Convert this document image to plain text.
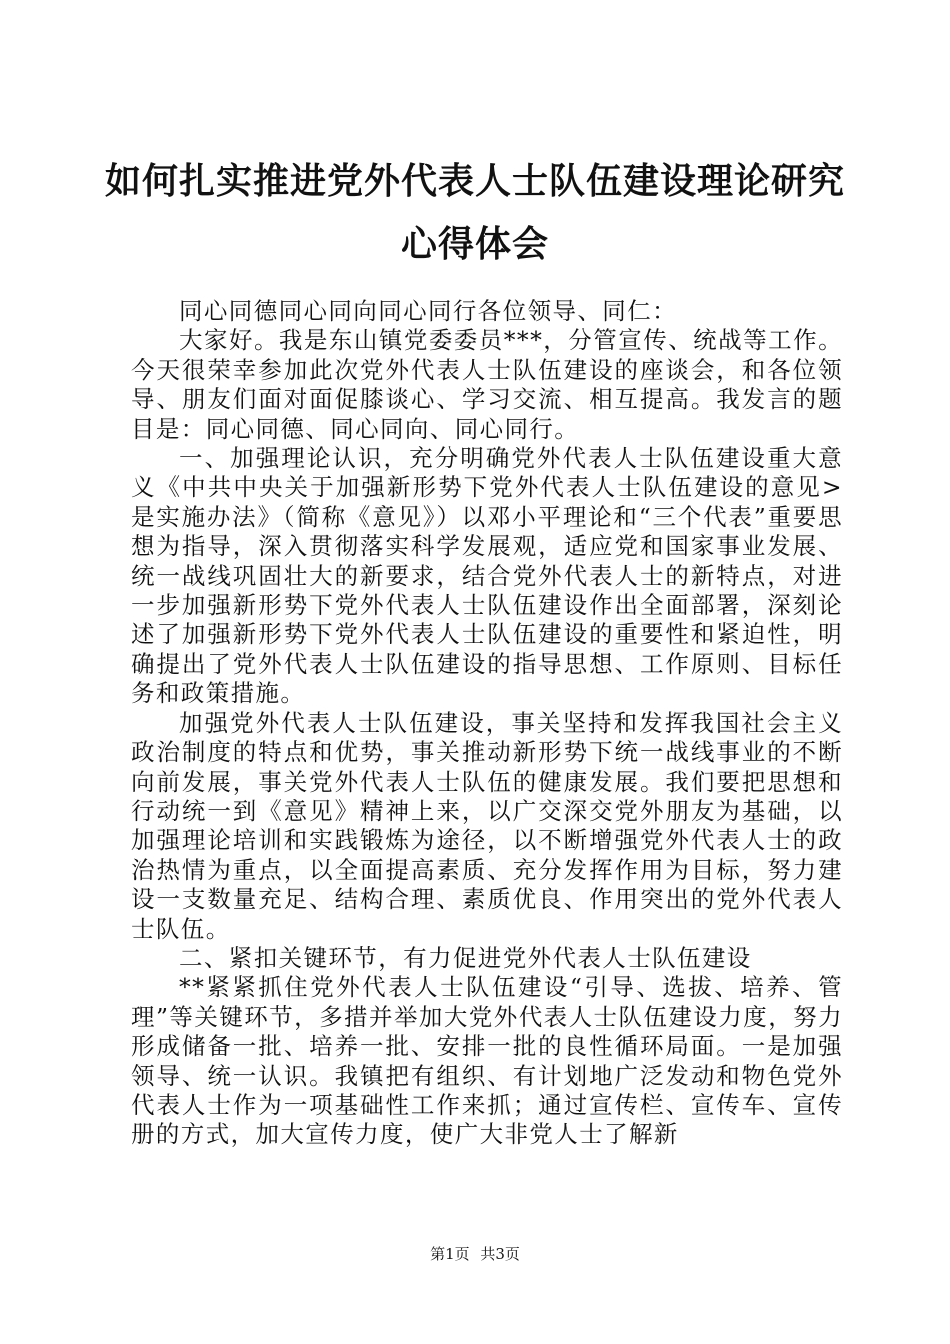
如何扎实推进党外代表人士队伍建设理论研究
心得体会

同心同德同心同向同心同行各位领导、同仁：

大家好。我是东山镇党委委员***，分管宣传、统战等工作。今天很荣幸参加此次党外代表人士队伍建设的座谈会，和各位领导、朋友们面对面促膝谈心、学习交流、相互提高。我发言的题目是：同心同德、同心同向、同心同行。

一、加强理论认识，充分明确党外代表人士队伍建设重大意义《中共中央关于加强新形势下党外代表人士队伍建设的意见>是实施办法》（简称《意见》）以邓小平理论和“三个代表”重要思想为指导，深入贯彻落实科学发展观，适应党和国家事业发展、统一战线巩固壮大的新要求，结合党外代表人士的新特点，对进一步加强新形势下党外代表人士队伍建设作出全面部署，深刻论述了加强新形势下党外代表人士队伍建设的重要性和紧迫性，明确提出了党外代表人士队伍建设的指导思想、工作原则、目标任务和政策措施。

加强党外代表人士队伍建设，事关坚持和发挥我国社会主义政治制度的特点和优势，事关推动新形势下统一战线事业的不断向前发展，事关党外代表人士队伍的健康发展。我们要把思想和行动统一到《意见》精神上来，以广交深交党外朋友为基础，以加强理论培训和实践锻炼为途径，以不断增强党外代表人士的政治热情为重点，以全面提高素质、充分发挥作用为目标，努力建设一支数量充足、结构合理、素质优良、作用突出的党外代表人士队伍。

二、紧扣关键环节，有力促进党外代表人士队伍建设

**紧紧抓住党外代表人士队伍建设“引导、选拔、培养、管理”等关键环节，多措并举加大党外代表人士队伍建设力度，努力形成储备一批、培养一批、安排一批的良性循环局面。一是加强领导、统一认识。我镇把有组织、有计划地广泛发动和物色党外代表人士作为一项基础性工作来抓；通过宣传栏、宣传车、宣传册的方式，加大宣传力度，使广大非党人士了解新

第1页 共3页
